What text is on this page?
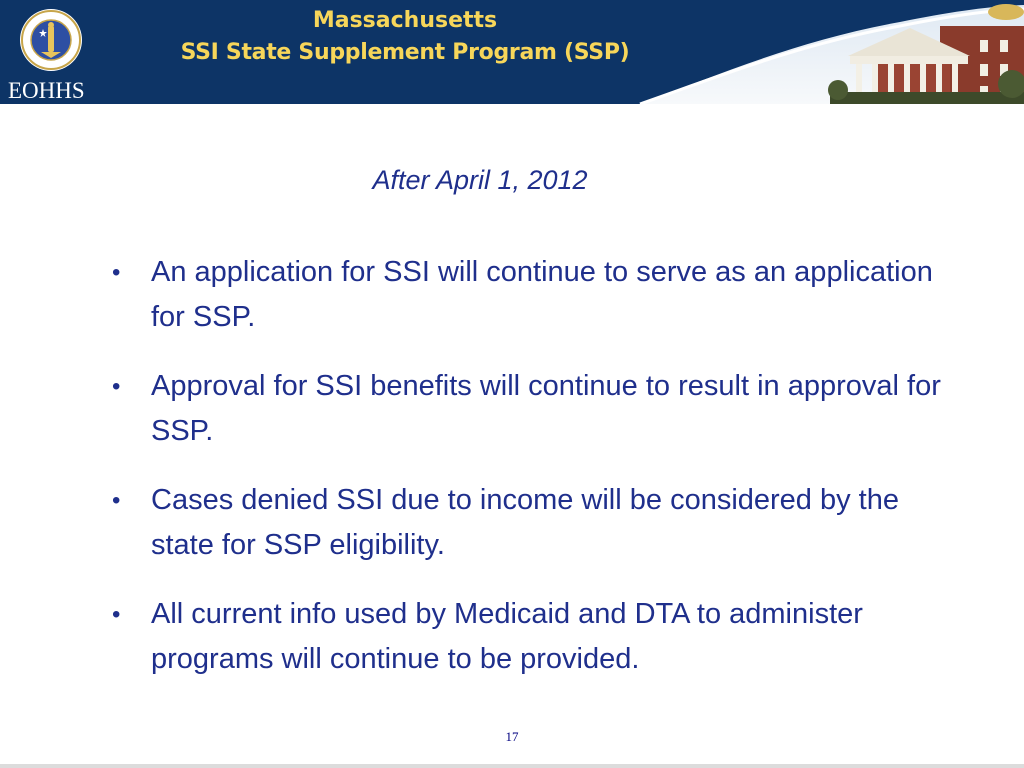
EOHHS
Massachusetts
SSI State Supplement Program (SSP)
After April 1, 2012
• An application for SSI will continue to serve as an application for SSP.
• Approval for SSI benefits will continue to result in approval for SSP.
• Cases denied SSI due to income will be considered by the state for SSP eligibility.
• All current info used by Medicaid and DTA to administer programs will continue to be provided.
17
